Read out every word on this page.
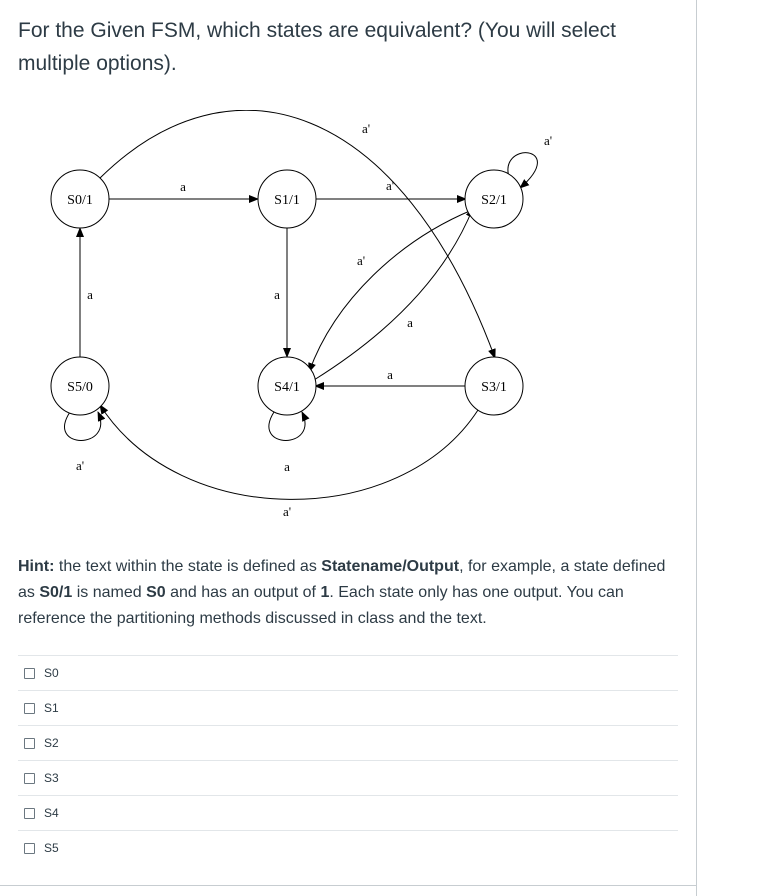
For the Given FSM, which states are equivalent? (You will select multiple options).

a
a'
a'
a'
a'
a
a
a
a
a'	a
a'
S0/1	S1/1	S2/1
S5/0	S4/1	S3/1

Hint: the text within the state is defined as Statename/Output, for example, a state defined as S0/1 is named S0 and has an output of 1. Each state only has one output. You can reference the partitioning methods discussed in class and the text.

S0
S1
S2
S3
S4
S5
